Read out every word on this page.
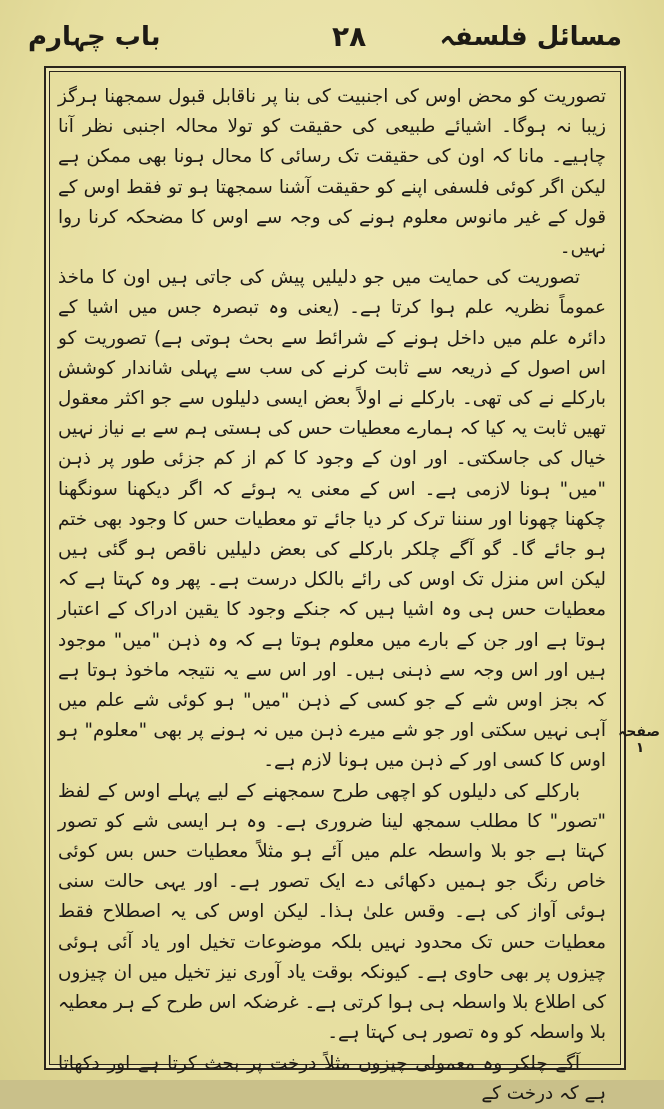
باب چہارم	۲۸	مسائل فلسفہ

تصوریت کو محض اوس کی اجنبیت کی بنا پر ناقابل قبول سمجھنا ہرگز زیبا نہ ہوگا۔ اشیائے طبیعی کی حقیقت کو تولا محالہ اجنبی نظر آنا چاہیے۔ مانا کہ اون کی حقیقت تک رسائی کا محال ہونا بھی ممکن ہے لیکن اگر کوئی فلسفی اپنے کو حقیقت آشنا سمجھتا ہو تو فقط اوس کے قول کے غیر مانوس معلوم ہونے کی وجہ سے اوس کا مضحکہ کرنا روا نہیں۔

تصوریت کی حمایت میں جو دلیلیں پیش کی جاتی ہیں اون کا ماخذ عموماً نظریہ علم ہوا کرتا ہے۔ (یعنی وہ تبصرہ جس میں اشیا کے دائرہ علم میں داخل ہونے کے شرائط سے بحث ہوتی ہے) تصوریت کو اس اصول کے ذریعہ سے ثابت کرنے کی سب سے پہلی شاندار کوشش بارکلے نے کی تھی۔ بارکلے نے اولاً بعض ایسی دلیلوں سے جو اکثر معقول تھیں ثابت یہ کیا کہ ہمارے معطیات حس کی ہستی ہم سے بے نیاز نہیں خیال کی جاسکتی۔ اور اون کے وجود کا کم از کم جزئی طور پر ذہن "میں" ہونا لازمی ہے۔ اس کے معنی یہ ہوئے کہ اگر دیکھنا سونگھنا چکھنا چھونا اور سننا ترک کر دیا جائے تو معطیات حس کا وجود بھی ختم ہو جائے گا۔ گو آگے چلکر بارکلے کی بعض دلیلیں ناقص ہو گئی ہیں لیکن اس منزل تک اوس کی رائے بالکل درست ہے۔ پھر وہ کہتا ہے کہ معطیات حس ہی وہ اشیا ہیں کہ جنکے وجود کا یقین ادراک کے اعتبار ہوتا ہے اور جن کے بارے میں معلوم ہوتا ہے کہ وہ ذہن "میں" موجود ہیں اور اس وجہ سے ذہنی ہیں۔ اور اس سے یہ نتیجہ ماخوذ ہوتا ہے کہ بجز اوس شے کے جو کسی کے ذہن "میں" ہو کوئی شے علم میں آہی نہیں سکتی اور جو شے میرے ذہن میں نہ ہونے پر بھی "معلوم" ہو اوس کا کسی اور کے ذہن میں ہونا لازم ہے۔

بارکلے کی دلیلوں کو اچھی طرح سمجھنے کے لیے پہلے اوس کے لفظ "تصور" کا مطلب سمجھ لینا ضروری ہے۔ وہ ہر ایسی شے کو تصور کہتا ہے جو بلا واسطہ علم میں آئے ہو مثلاً معطیات حس بس کوئی خاص رنگ جو ہمیں دکھائی دے ایک تصور ہے۔ اور یہی حالت سنی ہوئی آواز کی ہے۔ وقس علیٰ ہذا۔ لیکن اوس کی یہ اصطلاح فقط معطیات حس تک محدود نہیں بلکہ موضوعات تخیل اور یاد آئی ہوئی چیزوں پر بھی حاوی ہے۔ کیونکہ بوقت یاد آوری نیز تخیل میں ان چیزوں کی اطلاع بلا واسطہ ہی ہوا کرتی ہے۔ غرضکہ اس طرح کے ہر معطیہ بلا واسطہ کو وہ تصور ہی کہتا ہے۔

آگے چلکر وہ معمولی چیزوں مثلاً درخت پر بحث کرتا ہے اور دکھاتا ہے کہ درخت کے

صفحہ ۱
